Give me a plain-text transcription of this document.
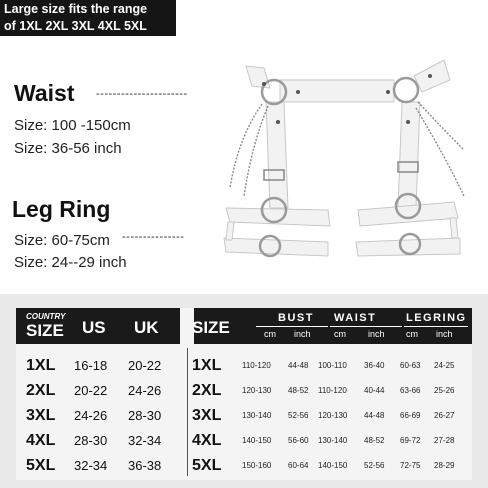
Large size fits the range
of 1XL 2XL 3XL 4XL 5XL
Waist ----------------------
Size: 100 -150cm
Size: 36-56 inch
Leg Ring
Size: 60-75cm ---------------
Size: 24--29 inch
COUNTRY
SIZE US UK SIZE	BUST
cm inch
WAIST
cm inch
LEGRING
cm inch
1XL 16-18 20-22 1XL	110-120 44-48 100-110 36-40 60-63 24-25
2XL 20-22 24-26 2XL	120-130 48-52 110-120 40-44 63-66 25-26
3XL 24-26 28-30 3XL	130-140 52-56 120-130 44-48 66-69 26-27
4XL 28-30 32-34 4XL	140-150 56-60 130-140 48-52 69-72 27-28
5XL 32-34 36-38 5XL	150-160 60-64 140-150 52-56 72-75 28-29
